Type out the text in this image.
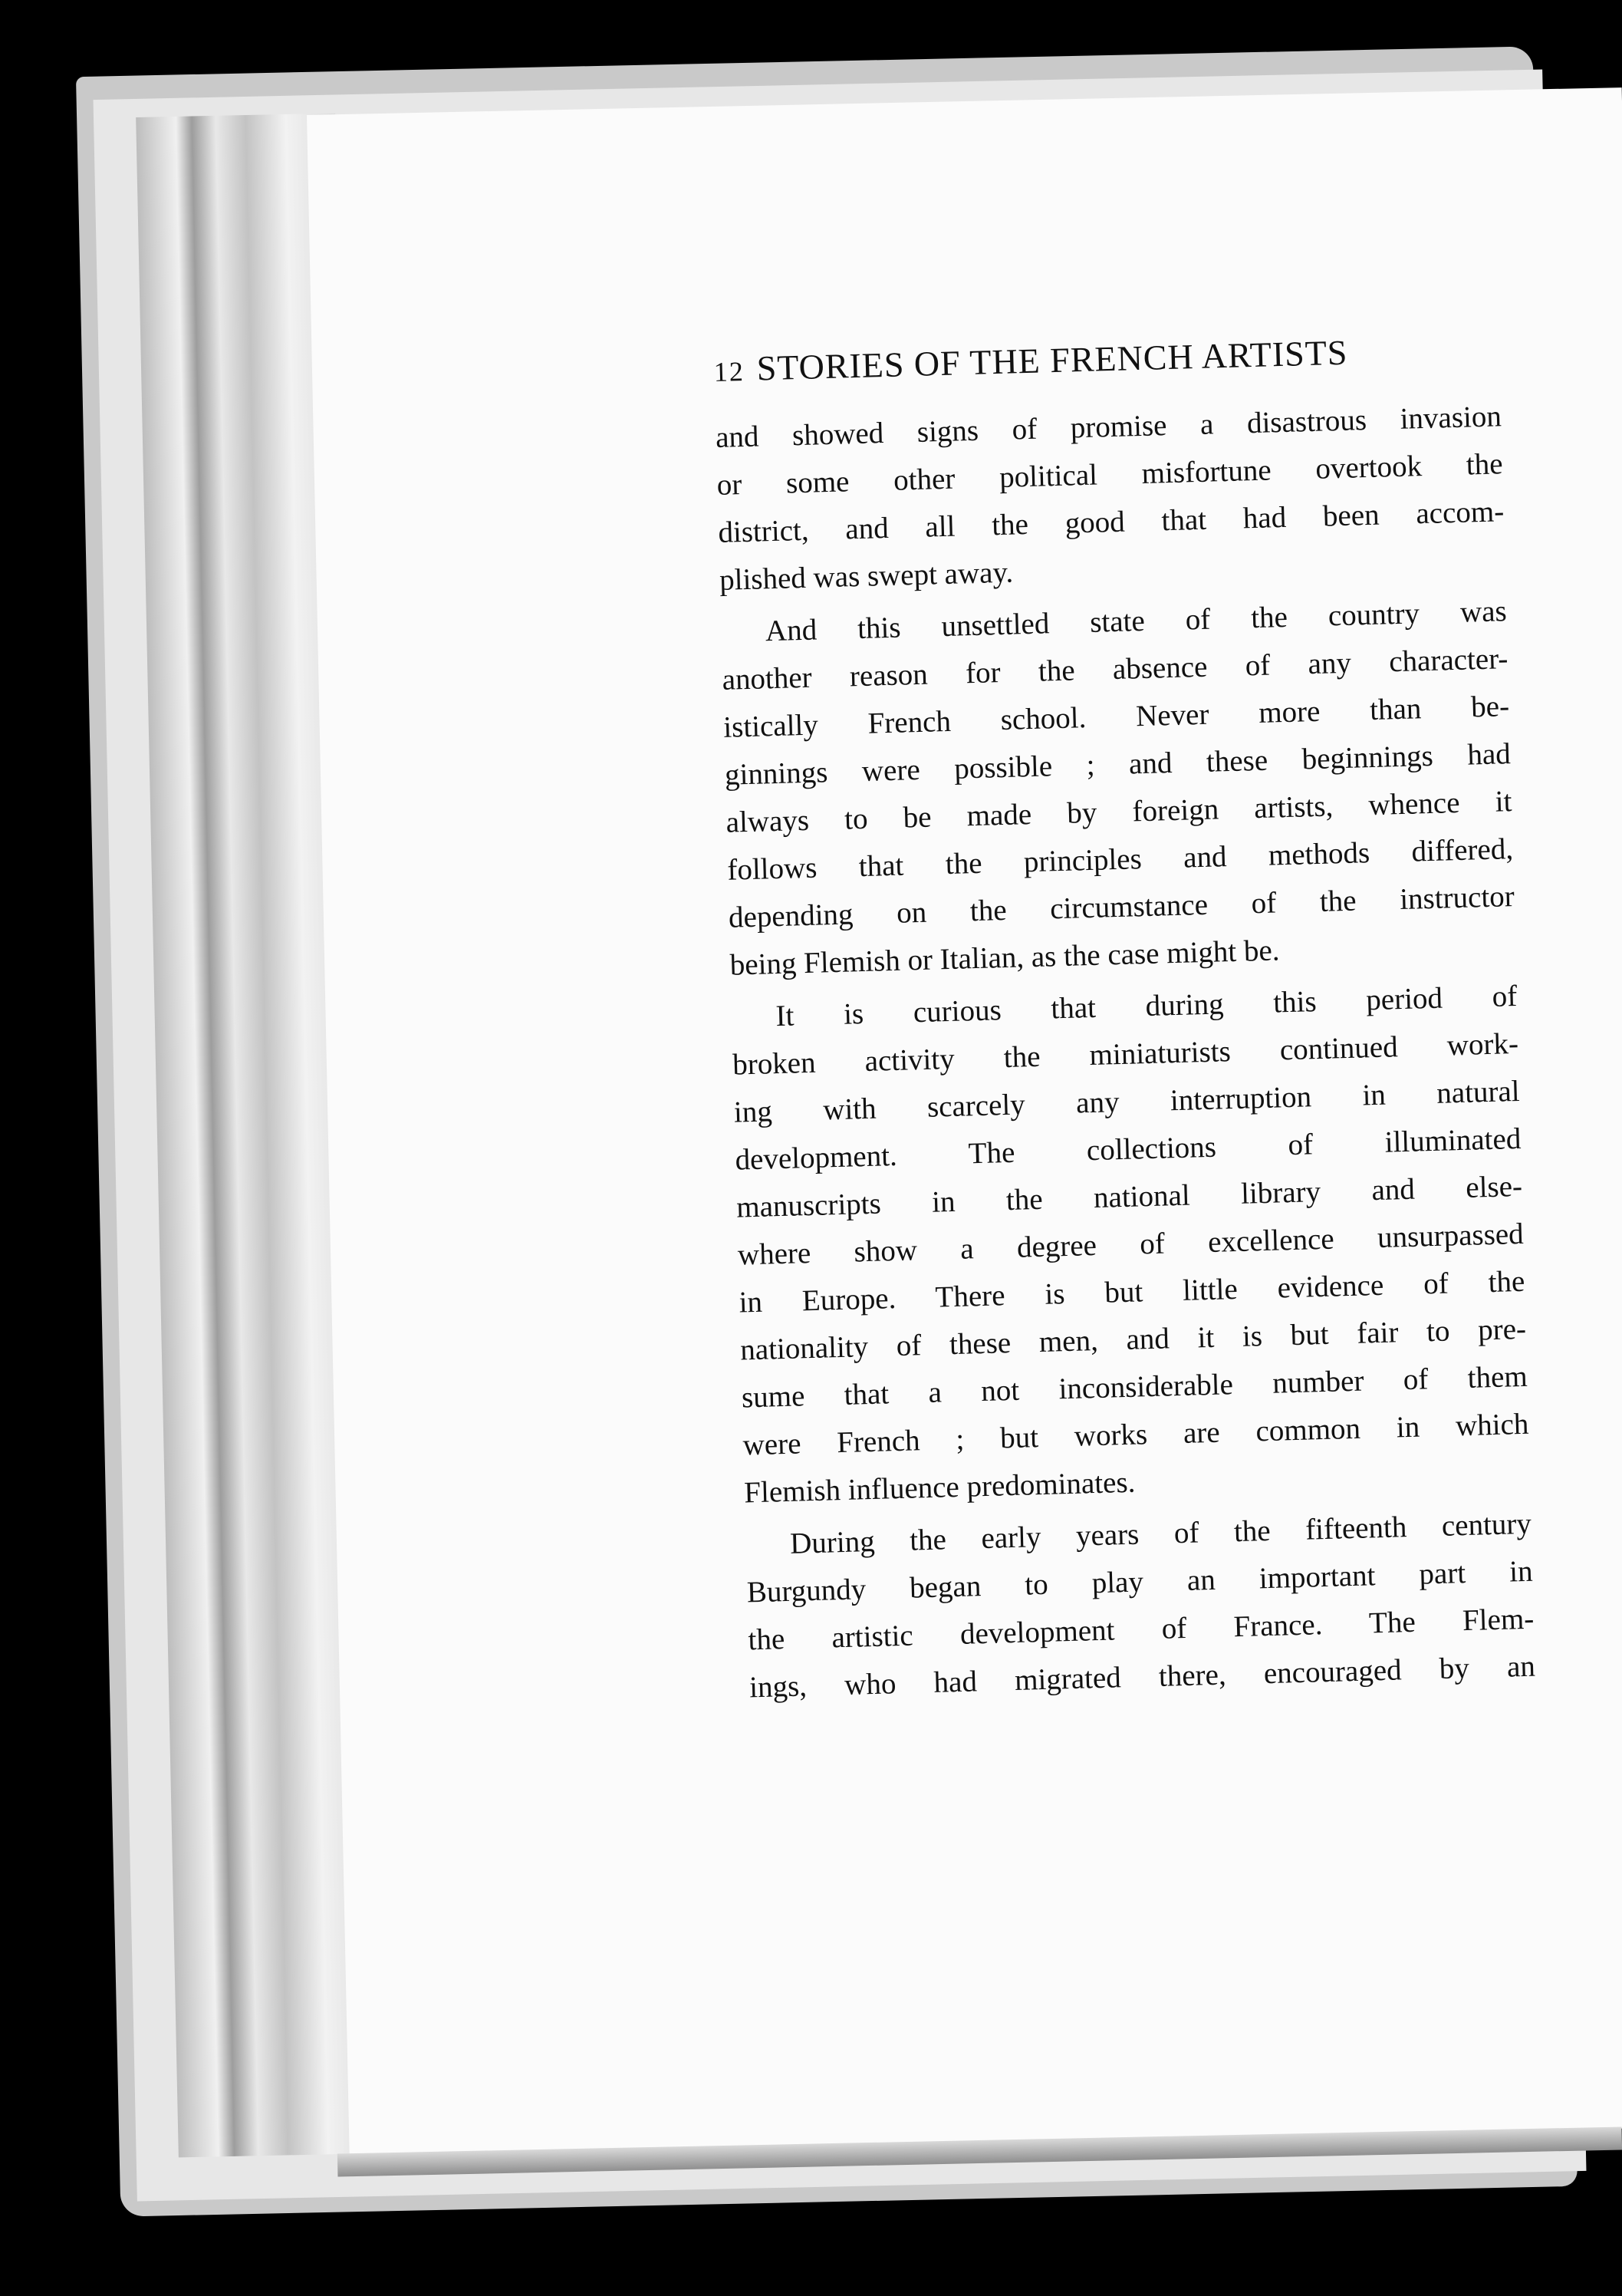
12 STORIES OF THE FRENCH ARTISTS
and showed signs of promise a disastrous invasion
or some other political misfortune overtook the
district, and all the good that had been accom-
plished was swept away.
And this unsettled state of the country was
another reason for the absence of any character-
istically French school. Never more than be-
ginnings were possible ; and these beginnings had
always to be made by foreign artists, whence it
follows that the principles and methods differed,
depending on the circumstance of the instructor
being Flemish or Italian, as the case might be.
It is curious that during this period of
broken activity the miniaturists continued work-
ing with scarcely any interruption in natural
development. The collections of illuminated
manuscripts in the national library and else-
where show a degree of excellence unsurpassed
in Europe. There is but little evidence of the
nationality of these men, and it is but fair to pre-
sume that a not inconsiderable number of them
were French ; but works are common in which
Flemish influence predominates.
During the early years of the fifteenth century
Burgundy began to play an important part in
the artistic development of France. The Flem-
ings, who had migrated there, encouraged by an
